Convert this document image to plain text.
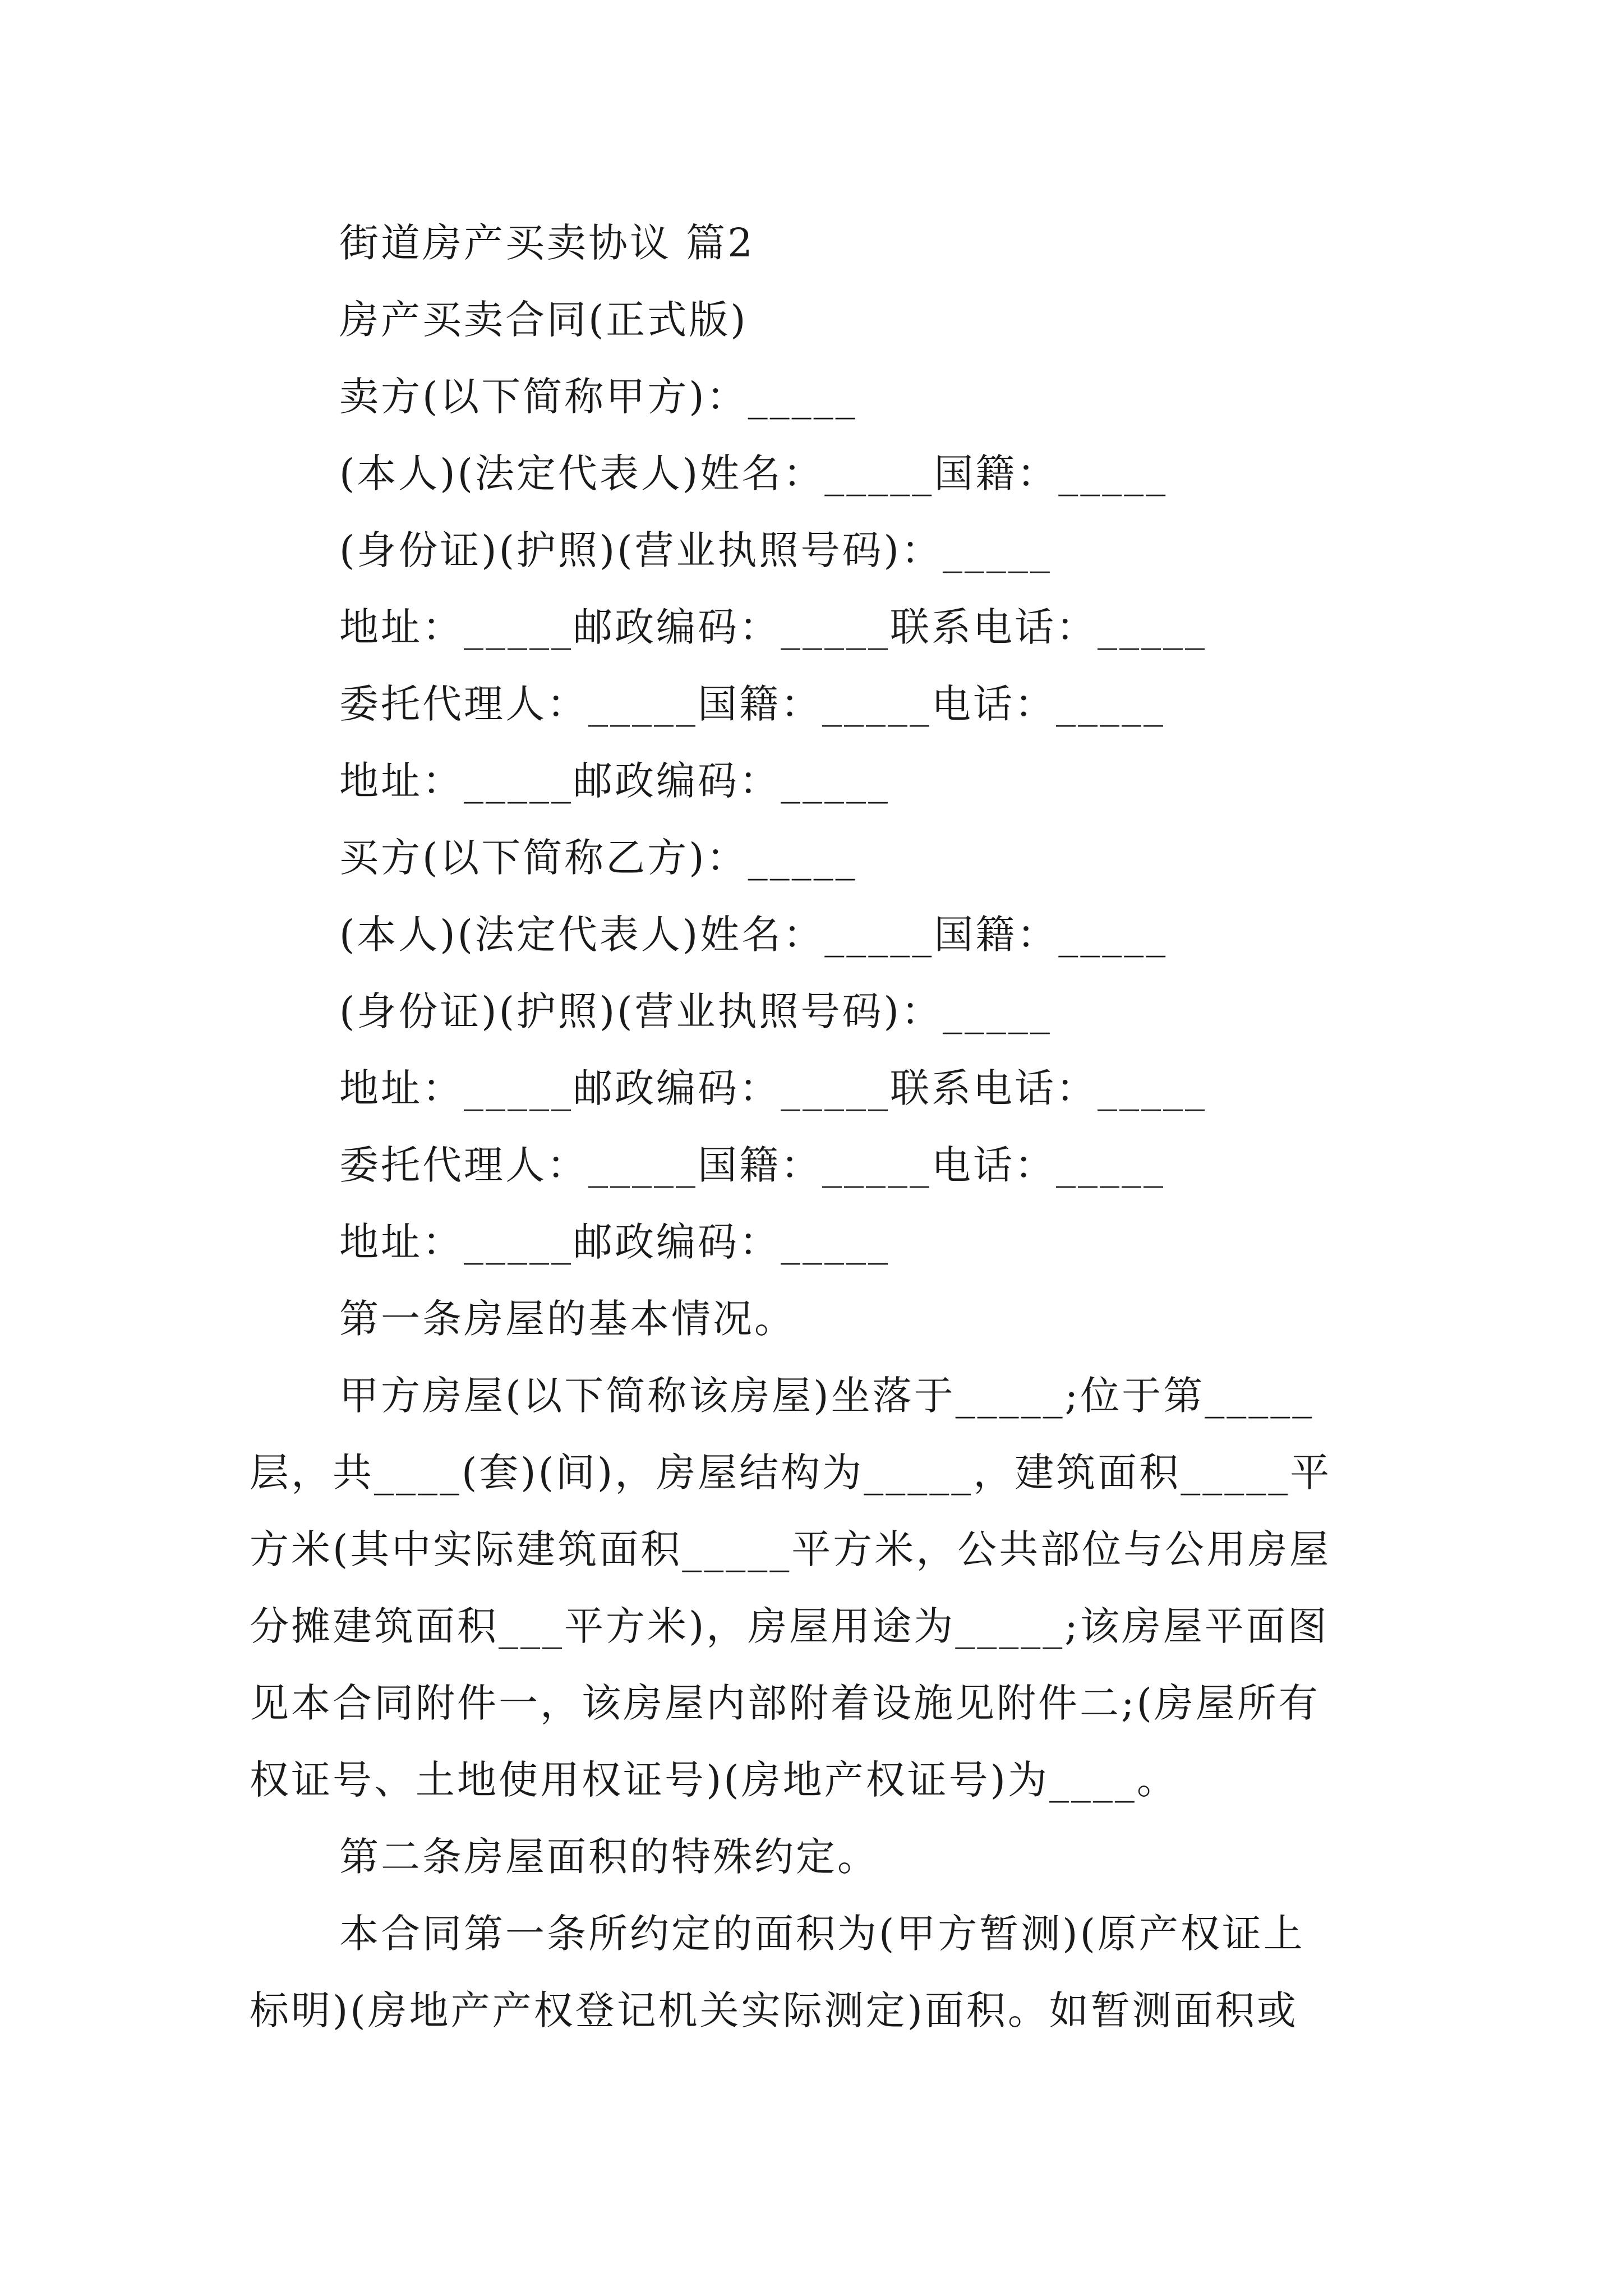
街道房产买卖协议 篇2
房产买卖合同(正式版)
卖方(以下简称甲方)：_____
(本人)(法定代表人)姓名：_____国籍：_____
(身份证)(护照)(营业执照号码)：_____
地址：_____邮政编码：_____联系电话：_____
委托代理人：_____国籍：_____电话：_____
地址：_____邮政编码：_____
买方(以下简称乙方)：_____
(本人)(法定代表人)姓名：_____国籍：_____
(身份证)(护照)(营业执照号码)：_____
地址：_____邮政编码：_____联系电话：_____
委托代理人：_____国籍：_____电话：_____
地址：_____邮政编码：_____
第一条房屋的基本情况。
甲方房屋(以下简称该房屋)坐落于_____;位于第_____
层，共____(套)(间)，房屋结构为_____，建筑面积_____平
方米(其中实际建筑面积_____平方米，公共部位与公用房屋
分摊建筑面积___平方米)，房屋用途为_____;该房屋平面图
见本合同附件一，该房屋内部附着设施见附件二;(房屋所有
权证号、土地使用权证号)(房地产权证号)为____。
第二条房屋面积的特殊约定。
本合同第一条所约定的面积为(甲方暂测)(原产权证上
标明)(房地产产权登记机关实际测定)面积。如暂测面积或
